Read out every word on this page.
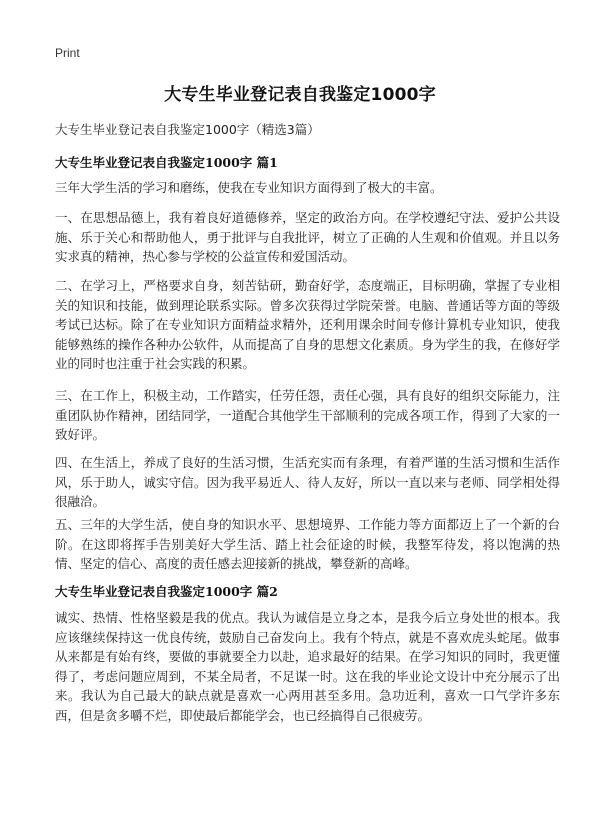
Print
大专生毕业登记表自我鉴定1000字
大专生毕业登记表自我鉴定1000字（精选3篇）
大专生毕业登记表自我鉴定1000字 篇1

三年大学生活的学习和磨练，使我在专业知识方面得到了极大的丰富。

一、在思想品德上，我有着良好道德修养，坚定的政治方向。在学校遵纪守法、爱护公共设施、乐于关心和帮助他人，勇于批评与自我批评，树立了正确的人生观和价值观。并且以务实求真的精神，热心参与学校的公益宣传和爱国活动。

二、在学习上，严格要求自身，刻苦钻研，勤奋好学，态度端正，目标明确，掌握了专业相关的知识和技能，做到理论联系实际。曾多次获得过学院荣誉。电脑、普通话等方面的等级考试已达标。除了在专业知识方面精益求精外，还利用课余时间专修计算机专业知识，使我能够熟练的操作各种办公软件，从而提高了自身的思想文化素质。身为学生的我，在修好学业的同时也注重于社会实践的积累。

三、在工作上，积极主动，工作踏实，任劳任怨，责任心强，具有良好的组织交际能力，注重团队协作精神，团结同学，一道配合其他学生干部顺利的完成各项工作，得到了大家的一致好评。

四、在生活上，养成了良好的生活习惯，生活充实而有条理，有着严谨的生活习惯和生活作风，乐于助人，诚实守信。因为我平易近人、待人友好，所以一直以来与老师、同学相处得很融洽。

五、三年的大学生活，使自身的知识水平、思想境界、工作能力等方面都迈上了一个新的台阶。在这即将挥手告别美好大学生活、踏上社会征途的时候，我整军待发，将以饱满的热情、坚定的信心、高度的责任感去迎接新的挑战，攀登新的高峰。

大专生毕业登记表自我鉴定1000字 篇2

诚实、热情、性格坚毅是我的优点。我认为诚信是立身之本，是我今后立身处世的根本。我应该继续保持这一优良传统，鼓励自己奋发向上。我有个特点，就是不喜欢虎头蛇尾。做事从来都是有始有终，要做的事就要全力以赴，追求最好的结果。在学习知识的同时，我更懂得了，考虑问题应周到，不某全局者，不足谋一时。这在我的毕业论文设计中充分展示了出来。我认为自己最大的缺点就是喜欢一心两用甚至多用。急功近利，喜欢一口气学许多东西，但是贪多嚼不烂，即使最后都能学会，也已经搞得自己很疲劳。
